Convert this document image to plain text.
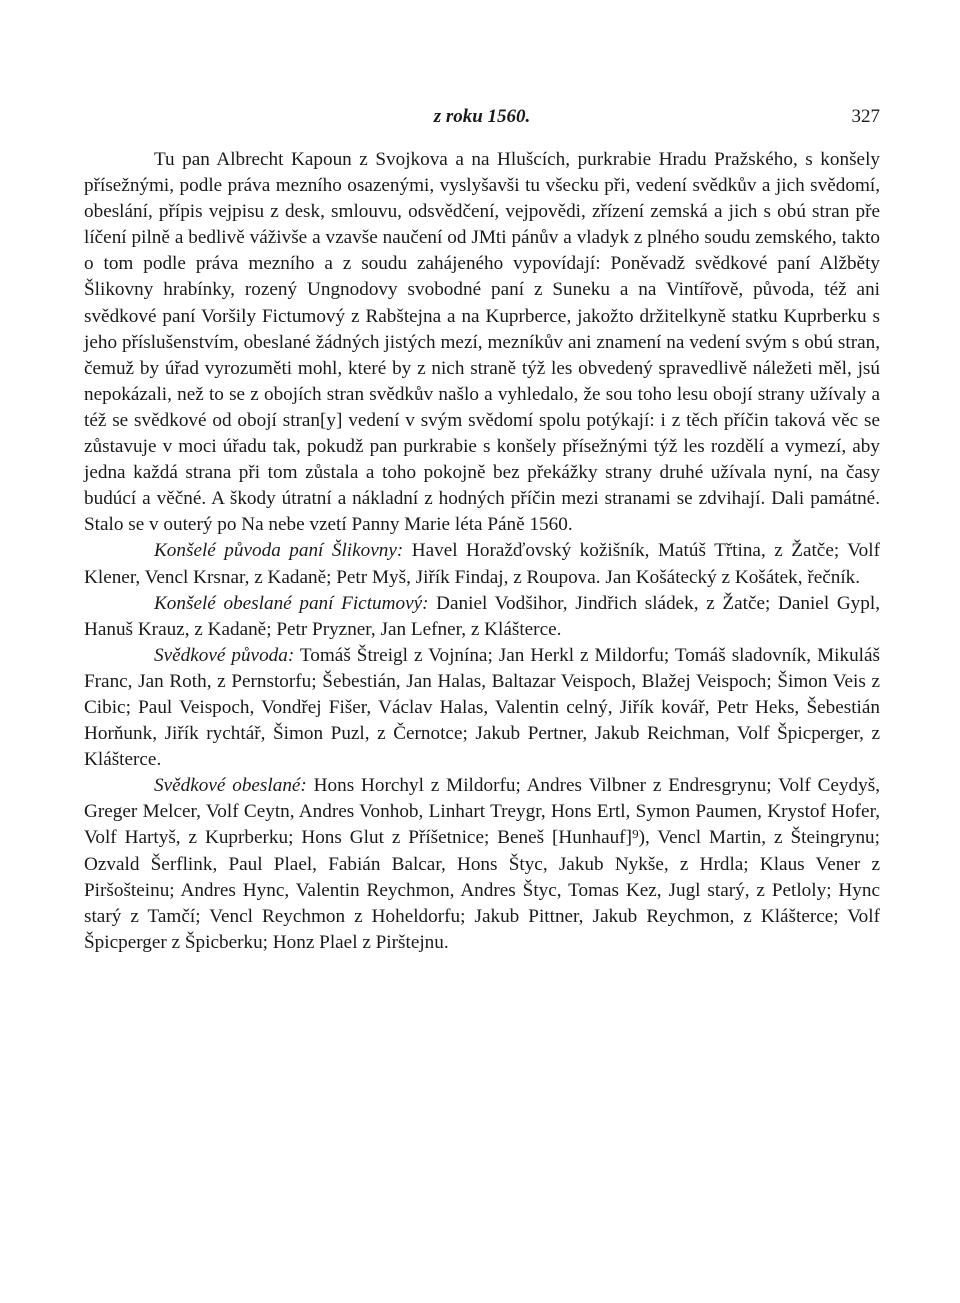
z roku 1560.	327

Tu pan Albrecht Kapoun z Svojkova a na Hlušcích, purkrabie Hradu Pražského, s konšely přísežnými, podle práva mezního osazenými, vyslyšavši tu všecku při, vedení svědkův a jich svědomí, obeslání, přípis vejpisu z desk, smlouvu, odsvědčení, vejpovědi, zřízení zemská a jich s obú stran pře líčení pilně a bedlivě váživše a vzavše naučení od JMti pánův a vladyk z plného soudu zemského, takto o tom podle práva mezního a z soudu zahájeného vypovídají: Poněvadž svědkové paní Alžběty Šlikovny hrabínky, rozený Ungnodovy svobodné paní z Suneku a na Vintířově, původa, též ani svědkové paní Voršily Fictumový z Rabštejna a na Kuprberce, jakožto držitelkyně statku Kuprberku s jeho příslušenstvím, obeslané žádných jistých mezí, mezníkův ani znamení na vedení svým s obú stran, čemuž by úřad vyrozuměti mohl, které by z nich straně týž les obvedený spravedlivě náležeti měl, jsú nepokázali, než to se z obojích stran svědkův našlo a vyhledalo, že sou toho lesu obojí strany užívaly a též se svědkové od obojí stran[y] vedení v svým svědomí spolu potýkají: i z těch příčin taková věc se zůstavuje v moci úřadu tak, pokudž pan purkrabie s konšely přísežnými týž les rozdělí a vymezí, aby jedna každá strana při tom zůstala a toho pokojně bez překážky strany druhé užívala nyní, na časy budúcí a věčné. A škody útratní a nákladní z hodných příčin mezi stranami se zdvihají. Dali památné. Stalo se v outerý po Na nebe vzetí Panny Marie léta Páně 1560.

Konšelé původa paní Šlikovny: Havel Horažďovský kožišník, Matúš Třtina, z Žatče; Volf Klener, Vencl Krsnar, z Kadaně; Petr Myš, Jiřík Findaj, z Roupova. Jan Košátecký z Košátek, řečník.

Konšelé obeslané paní Fictumový: Daniel Vodšihor, Jindřich sládek, z Žatče; Daniel Gypl, Hanuš Krauz, z Kadaně; Petr Pryzner, Jan Lefner, z Klášterce.

Svědkové původa: Tomáš Štreigl z Vojnína; Jan Herkl z Mildorfu; Tomáš sladovník, Mikuláš Franc, Jan Roth, z Pernstorfu; Šebestián, Jan Halas, Baltazar Veispoch, Blažej Veispoch; Šimon Veis z Cibic; Paul Veispoch, Vondřej Fišer, Václav Halas, Valentin celný, Jiřík kovář, Petr Heks, Šebestián Horňunk, Jiřík rychtář, Šimon Puzl, z Černotce; Jakub Pertner, Jakub Reichman, Volf Špicperger, z Klášterce.

Svědkové obeslané: Hons Horchyl z Mildorfu; Andres Vilbner z Endresgrynu; Volf Ceydyš, Greger Melcer, Volf Ceytn, Andres Vonhob, Linhart Treygr, Hons Ertl, Symon Paumen, Krystof Hofer, Volf Hartyš, z Kuprberku; Hons Glut z Příšetnice; Beneš [Hunhauf]⁹), Vencl Martin, z Šteingrynu; Ozvald Šerflink, Paul Plael, Fabián Balcar, Hons Štyc, Jakub Nykše, z Hrdla; Klaus Vener z Piršošteinu; Andres Hync, Valentin Reychmon, Andres Štyc, Tomas Kez, Jugl starý, z Petloly; Hync starý z Tamčí; Vencl Reychmon z Hoheldorfu; Jakub Pittner, Jakub Reychmon, z Klášterce; Volf Špicperger z Špicberku; Honz Plael z Pirštejnu.
